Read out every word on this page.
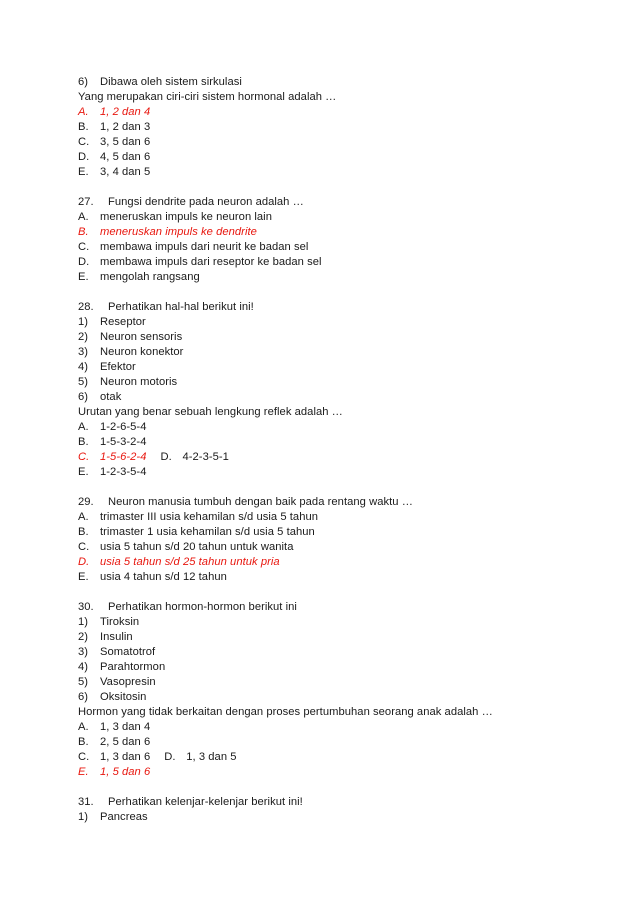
6) Dibawa oleh sistem sirkulasi
Yang merupakan ciri-ciri sistem hormonal adalah …
A. 1, 2 dan 4
B. 1, 2 dan 3
C. 3, 5 dan 6
D. 4, 5 dan 6
E. 3, 4 dan 5
27. Fungsi dendrite pada neuron adalah …
A. meneruskan impuls ke neuron lain
B. meneruskan impuls ke dendrite
C. membawa impuls dari neurit ke badan sel
D. membawa impuls dari reseptor ke badan sel
E. mengolah rangsang
28. Perhatikan hal-hal berikut ini!
1) Reseptor
2) Neuron sensoris
3) Neuron konektor
4) Efektor
5) Neuron motoris
6) otak
Urutan yang benar sebuah lengkung reflek adalah …
A. 1-2-6-5-4
B. 1-5-3-2-4
C. 1-5-6-2-4 D. 4-2-3-5-1
E. 1-2-3-5-4
29. Neuron manusia tumbuh dengan baik pada rentang waktu …
A. trimaster III usia kehamilan s/d usia 5 tahun
B. trimaster 1 usia kehamilan s/d usia 5 tahun
C. usia 5 tahun s/d 20 tahun untuk wanita
D. usia 5 tahun s/d 25 tahun untuk pria
E. usia 4 tahun s/d 12 tahun
30. Perhatikan hormon-hormon berikut ini
1) Tiroksin
2) Insulin
3) Somatotrof
4) Parahtormon
5) Vasopresin
6) Oksitosin
Hormon yang tidak berkaitan dengan proses pertumbuhan seorang anak adalah …
A. 1, 3 dan 4
B. 2, 5 dan 6
C. 1, 3 dan 6 D. 1, 3 dan 5
E. 1, 5 dan 6
31. Perhatikan kelenjar-kelenjar berikut ini!
1) Pancreas
